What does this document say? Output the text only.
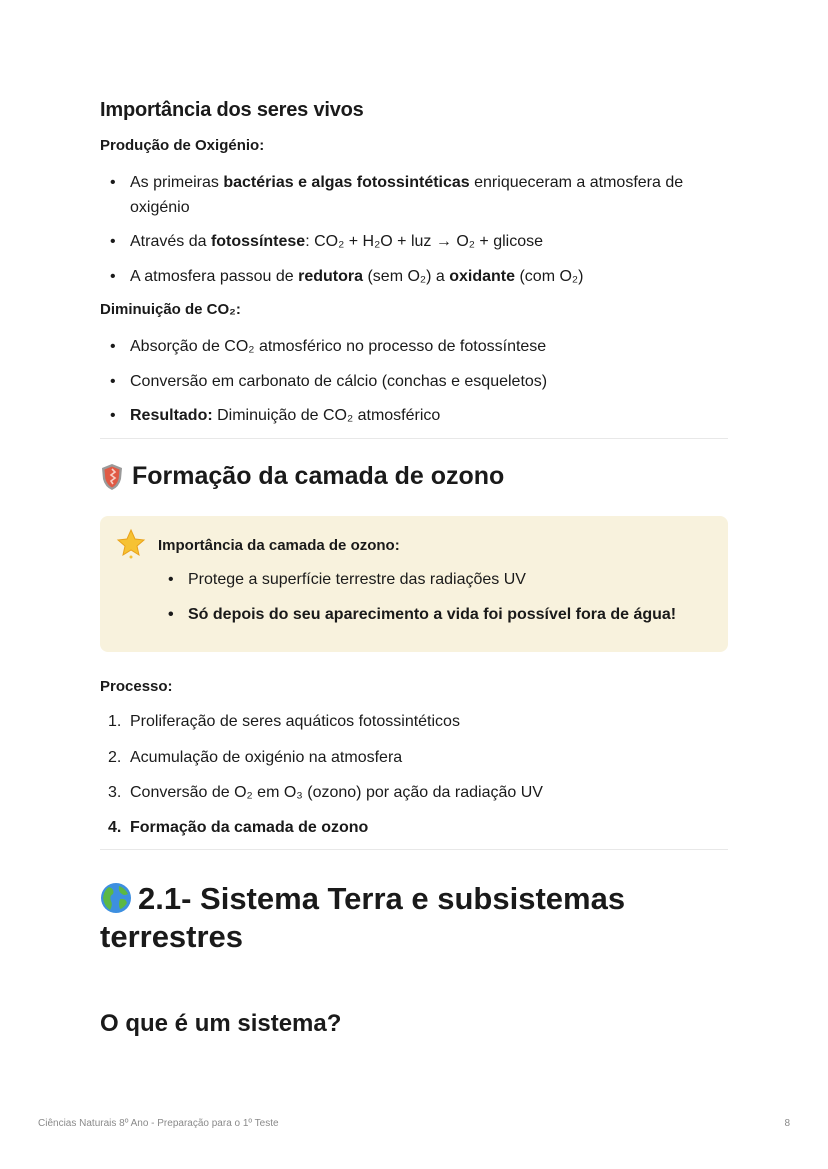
Importância dos seres vivos
Produção de Oxigénio:
• As primeiras bactérias e algas fotossintéticas enriqueceram a atmosfera de oxigénio
• Através da fotossíntese: CO₂ + H₂O + luz → O₂ + glicose
• A atmosfera passou de redutora (sem O₂) a oxidante (com O₂)
Diminuição de CO₂:
• Absorção de CO₂ atmosférico no processo de fotossíntese
• Conversão em carbonato de cálcio (conchas e esqueletos)
• Resultado: Diminuição de CO₂ atmosférico
Formação da camada de ozono
Importância da camada de ozono:
• Protege a superfície terrestre das radiações UV
• Só depois do seu aparecimento a vida foi possível fora de água!
Processo:
1. Proliferação de seres aquáticos fotossintéticos
2. Acumulação de oxigénio na atmosfera
3. Conversão de O₂ em O₃ (ozono) por ação da radiação UV
4. Formação da camada de ozono
2.1- Sistema Terra e subsistemas terrestres
O que é um sistema?
Ciências Naturais 8º Ano - Preparação para o 1º Teste	8
